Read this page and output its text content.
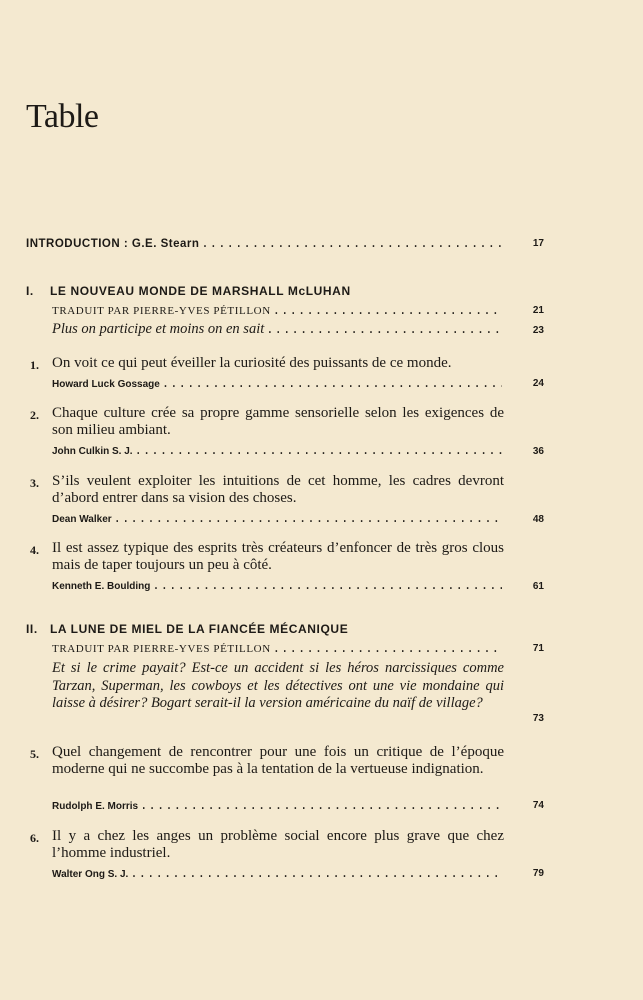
Table
INTRODUCTION : G.E. Stearn .....	17
I. LE NOUVEAU MONDE DE MARSHALL McLUHAN
TRADUIT PAR PIERRE-YVES PÉTILLON .....	21
Plus on participe et moins on en sait .....	23
1. On voit ce qui peut éveiller la curiosité des puissants de ce monde.
Howard Luck Gossage .....	24
2. Chaque culture crée sa propre gamme sensorielle selon les exigences de son milieu ambiant.
John Culkin S. J. .....	36
3. S’ils veulent exploiter les intuitions de cet homme, les cadres devront d’abord entrer dans sa vision des choses.
Dean Walker .....	48
4. Il est assez typique des esprits très créateurs d’enfoncer de très gros clous mais de taper toujours un peu à côté.
Kenneth E. Boulding .....	61
II. LA LUNE DE MIEL DE LA FIANCÉE MÉCANIQUE
TRADUIT PAR PIERRE-YVES PÉTILLON .....	71
Et si le crime payait? Est-ce un accident si les héros narcissiques comme Tarzan, Superman, les cowboys et les détectives ont une vie mondaine qui laisse à désirer? Bogart serait-il la version américaine du naïf de village?
73
5. Quel changement de rencontrer pour une fois un critique de l’époque moderne qui ne succombe pas à la tentation de la vertueuse indignation.
Rudolph E. Morris .....	74
6. Il y a chez les anges un problème social encore plus grave que chez l’homme industriel.
Walter Ong S. J. .....	79
